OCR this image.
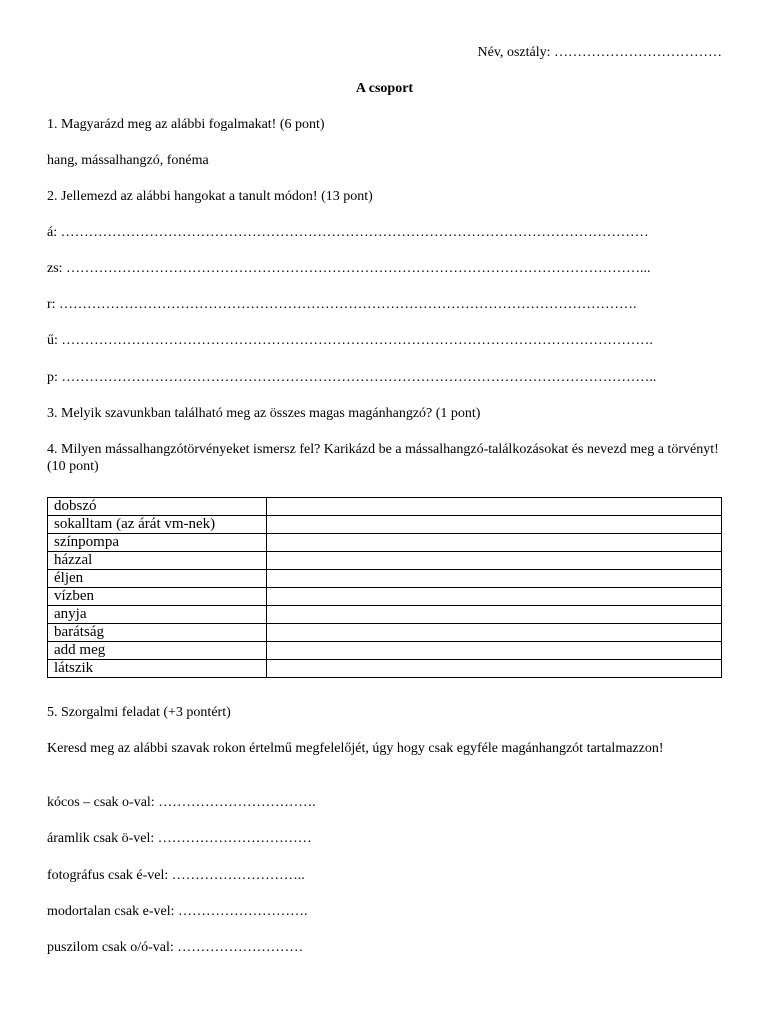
Név, osztály: ………………………………
A csoport
1. Magyarázd meg az alábbi fogalmakat! (6 pont)
hang, mássalhangzó, fonéma
2. Jellemezd az alábbi hangokat a tanult módon! (13 pont)
á: ………………………………………………………………………………………………………………
zs: ……………………………………………………………………………………………………………...
r: …………………………………………………………………………………………………………….
ű: ……………………………………………………………………………………………………………….
p: ………………………………………………………………………………………………………………..
3. Melyik szavunkban található meg az összes magas magánhangzó? (1 pont)
4. Milyen mássalhangzótörvényeket ismersz fel? Karikázd be a mássalhangzó-találkozásokat és nevezd meg a törvényt! (10 pont)
dobszó	
sokalltam (az árát vm-nek)	
színpompa	
házzal	
éljen	
vízben	
anyja	
barátság	
add meg	
látszik	
5. Szorgalmi feladat (+3 pontért)
Keresd meg az alábbi szavak rokon értelmű megfelelőjét, úgy hogy csak egyféle magánhangzót tartalmazzon!
kócos – csak o-val: …………………………….
áramlik csak ö-vel: ……………………………
fotográfus csak é-vel: ………………………..
modortalan csak e-vel: ……………………….
puszilom csak o/ó-val: ………………………
